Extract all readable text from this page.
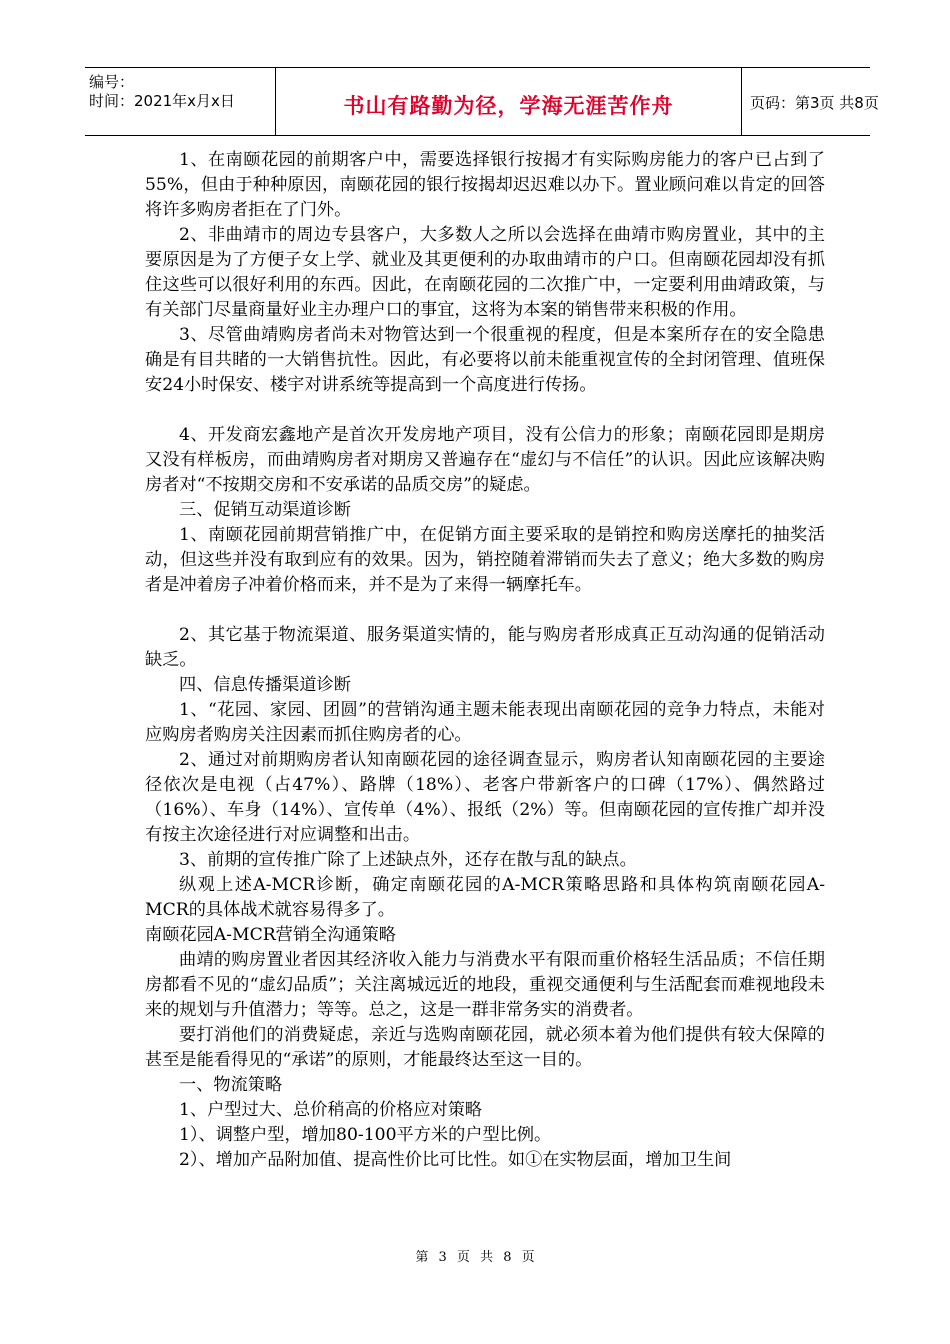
编号：
时间：2021年x月x日	书山有路勤为径，学海无涯苦作舟	页码：第3页 共8页

1、在南颐花园的前期客户中，需要选择银行按揭才有实际购房能力的客户已占到了55%，但由于种种原因，南颐花园的银行按揭却迟迟难以办下。置业顾问难以肯定的回答将许多购房者拒在了门外。

2、非曲靖市的周边专县客户，大多数人之所以会选择在曲靖市购房置业，其中的主要原因是为了方便子女上学、就业及其更便利的办取曲靖市的户口。但南颐花园却没有抓住这些可以很好利用的东西。因此，在南颐花园的二次推广中，一定要利用曲靖政策，与有关部门尽量商量好业主办理户口的事宜，这将为本案的销售带来积极的作用。

3、尽管曲靖购房者尚未对物管达到一个很重视的程度，但是本案所存在的安全隐患确是有目共睹的一大销售抗性。因此，有必要将以前未能重视宣传的全封闭管理、值班保安24小时保安、楼宇对讲系统等提高到一个高度进行传扬。

4、开发商宏鑫地产是首次开发房地产项目，没有公信力的形象；南颐花园即是期房又没有样板房，而曲靖购房者对期房又普遍存在“虚幻与不信任”的认识。因此应该解决购房者对“不按期交房和不安承诺的品质交房”的疑虑。

三、促销互动渠道诊断

1、南颐花园前期营销推广中，在促销方面主要采取的是销控和购房送摩托的抽奖活动，但这些并没有取到应有的效果。因为，销控随着滞销而失去了意义；绝大多数的购房者是冲着房子冲着价格而来，并不是为了来得一辆摩托车。

2、其它基于物流渠道、服务渠道实情的，能与购房者形成真正互动沟通的促销活动缺乏。

四、信息传播渠道诊断

1、“花园、家园、团圆”的营销沟通主题未能表现出南颐花园的竞争力特点，未能对应购房者购房关注因素而抓住购房者的心。

2、通过对前期购房者认知南颐花园的途径调查显示，购房者认知南颐花园的主要途径依次是电视（占47%）、路牌（18%）、老客户带新客户的口碑（17%）、偶然路过（16%）、车身（14%）、宣传单（4%）、报纸（2%）等。但南颐花园的宣传推广却并没有按主次途径进行对应调整和出击。

3、前期的宣传推广除了上述缺点外，还存在散与乱的缺点。

纵观上述A-MCR诊断，确定南颐花园的A-MCR策略思路和具体构筑南颐花园A-MCR的具体战术就容易得多了。

南颐花园A-MCR营销全沟通策略

曲靖的购房置业者因其经济收入能力与消费水平有限而重价格轻生活品质；不信任期房都看不见的“虚幻品质”；关注离城远近的地段，重视交通便利与生活配套而难视地段未来的规划与升值潜力；等等。总之，这是一群非常务实的消费者。

要打消他们的消费疑虑，亲近与选购南颐花园，就必须本着为他们提供有较大保障的甚至是能看得见的“承诺”的原则，才能最终达至这一目的。

一、物流策略

1、户型过大、总价稍高的价格应对策略

1）、调整户型，增加80-100平方米的户型比例。

2）、增加产品附加值、提高性价比可比性。如①在实物层面，增加卫生间

第 3 页 共 8 页
